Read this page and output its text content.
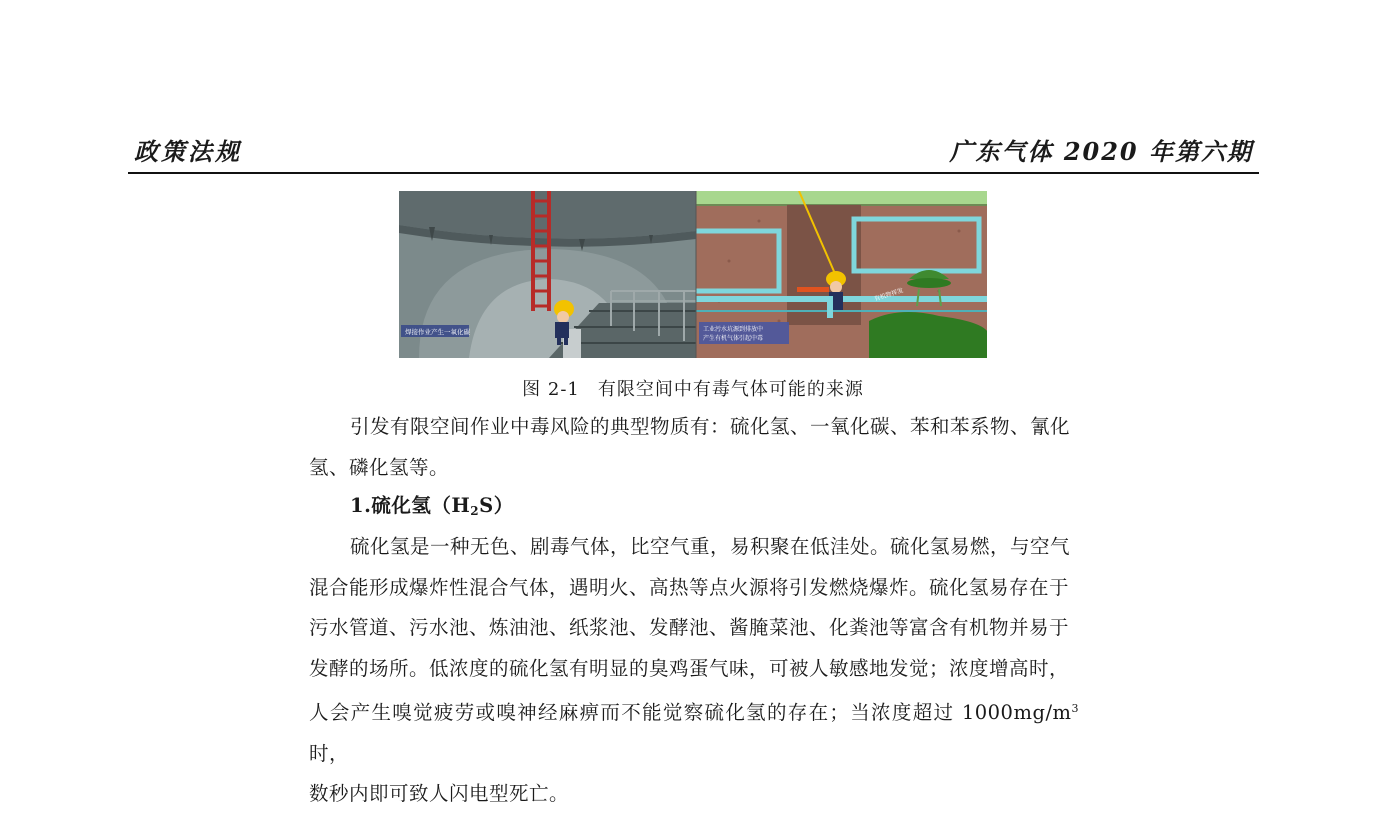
政策法规	广东气体 2020 年第六期
焊接作业产生一氧化碳	工业污水坑源到排放中
产生有机气体引起中毒
有机物挥发
图 2-1 有限空间中有毒气体可能的来源

引发有限空间作业中毒风险的典型物质有：硫化氢、一氧化碳、苯和苯系物、氰化

氢、磷化氢等。

1.硫化氢$(H_2S)$

硫化氢是一种无色、剧毒气体，比空气重，易积聚在低洼处。硫化氢易燃，与空气

混合能形成爆炸性混合气体，遇明火、高热等点火源将引发燃烧爆炸。硫化氢易存在于

污水管道、污水池、炼油池、纸浆池、发酵池、酱腌菜池、化粪池等富含有机物并易于

发酵的场所。低浓度的硫化氢有明显的臭鸡蛋气味，可被人敏感地发觉；浓度增高时，

人会产生嗅觉疲劳或嗅神经麻痹而不能觉察硫化氢的存在；当浓度超过 $1000mg/m^3$ 时，

数秒内即可致人闪电型死亡。
